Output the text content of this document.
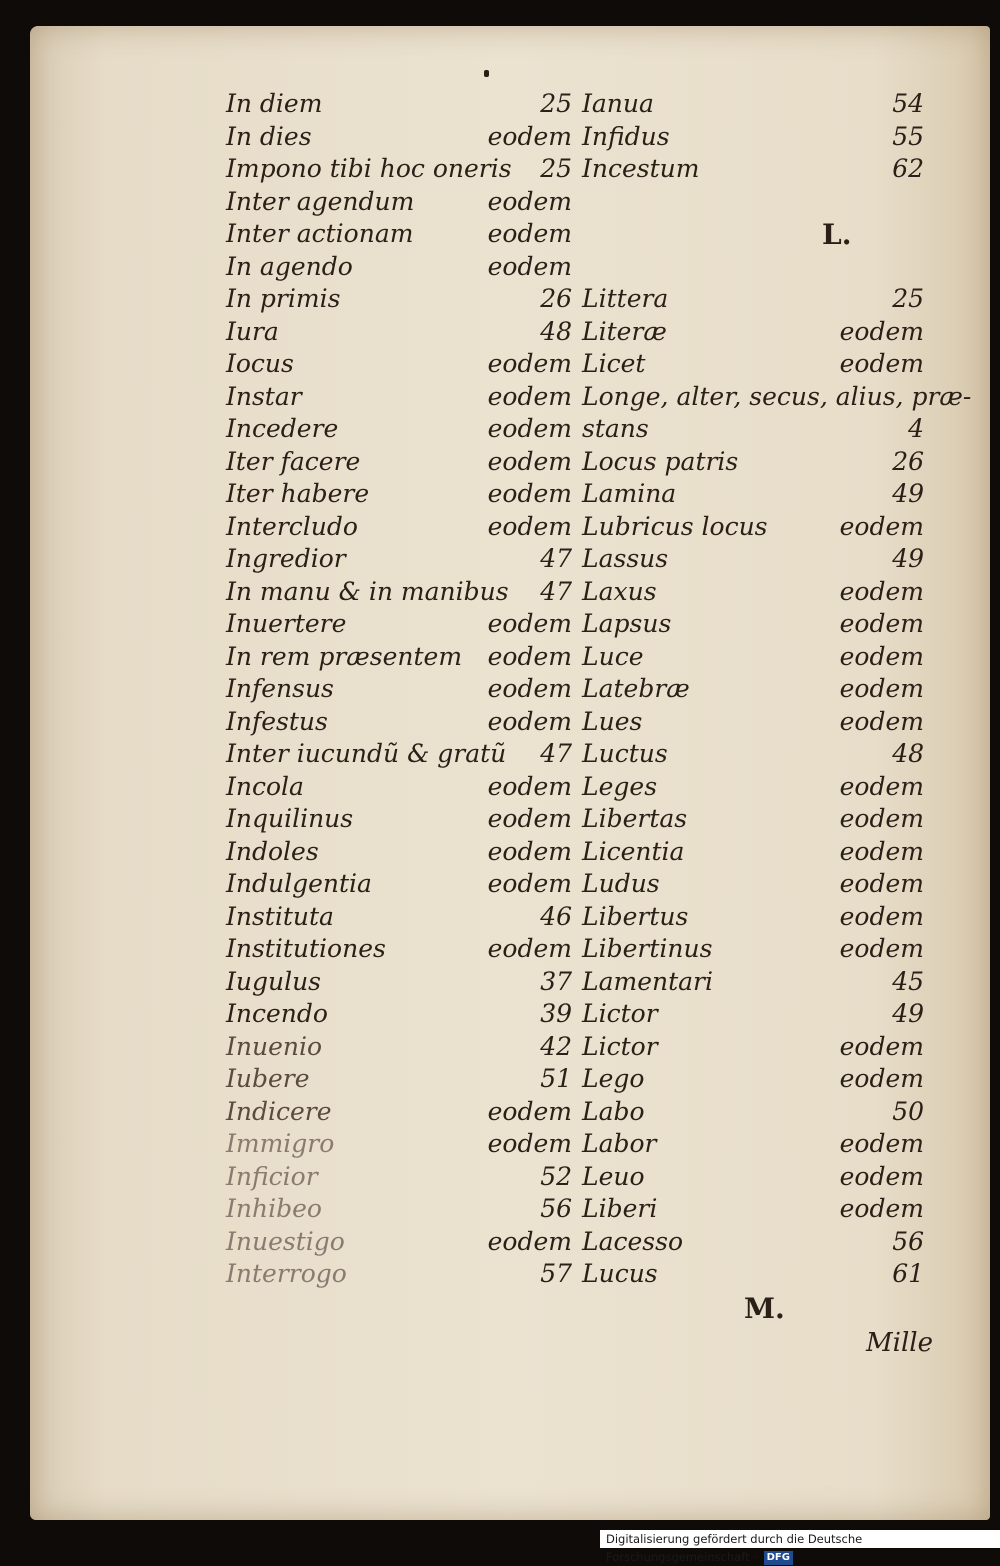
In diem	25
In dies	eodem
Impono tibi hoc oneris 25
Inter agendum	eodem
Inter actionam	eodem
In agendo	eodem
In primis	26
Iura	48
Iocus	eodem
Instar	eodem
Incedere	eodem
Iter facere	eodem
Iter habere	eodem
Intercludo	eodem
Ingredior	47
In manu & in manibus 47
Inuertere	eodem
In rem præsentem eodem
Infensus	eodem
Infestus	eodem
Inter iucundũ & gratũ 47
Incola	eodem
Inquilinus	eodem
Indoles	eodem
Indulgentia	eodem
Instituta	46
Institutiones	eodem
Iugulus	37
Incendo	39
Inuenio	42
Iubere	51
Indicere	eodem
Immigro	eodem
Inficior	52
Inhibeo	56
Inuestigo	eodem
Interrogo	57
Ianua	54
Infidus	55
Incestum	62
Littera	25
Literæ	eodem
Licet	eodem
Longe, alter, secus, alius, præ-
stans	4
Locus patris	26
Lamina	49
Lubricus locus	eodem
Lassus	49
Laxus	eodem
Lapsus	eodem
Luce	eodem
Latebræ	eodem
Lues	eodem
Luctus	48
Leges	eodem
Libertas	eodem
Licentia	eodem
Ludus	eodem
Libertus	eodem
Libertinus	eodem
Lamentari	45
Lictor	49
Lictor	eodem
Lego	eodem
Labo	50
Labor	eodem
Leuo	eodem
Liberi	eodem
Lacesso	56
Lucus	61
L.
M.
Mille
Digitalisierung gefördert durch die Deutsche Forschungsgemeinschaft · DFG
